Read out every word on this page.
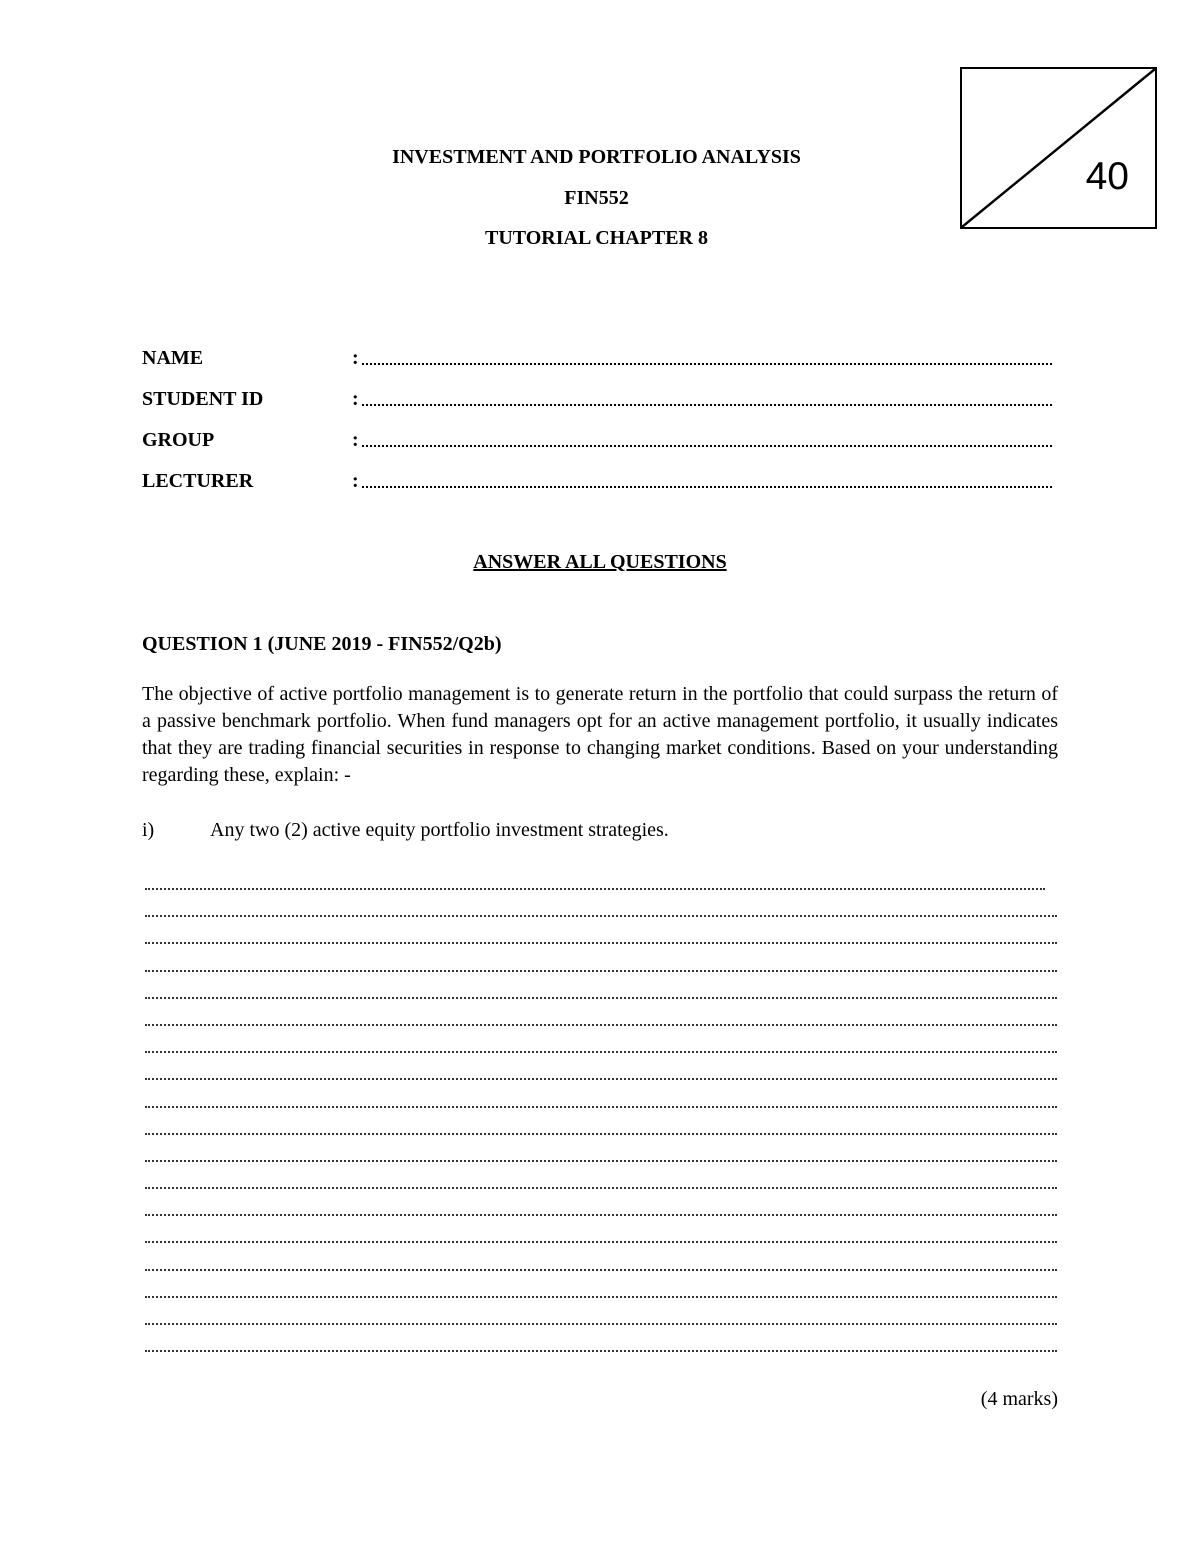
40
INVESTMENT AND PORTFOLIO ANALYSIS
FIN552
TUTORIAL CHAPTER 8
NAME	:
STUDENT ID	:
GROUP	:
LECTURER	:
ANSWER ALL QUESTIONS
QUESTION 1 (JUNE 2019 - FIN552/Q2b)
The objective of active portfolio management is to generate return in the portfolio that could surpass the return of a passive benchmark portfolio. When fund managers opt for an active management portfolio, it usually indicates that they are trading financial securities in response to changing market conditions. Based on your understanding regarding these, explain: -
i)	Any two (2) active equity portfolio investment strategies.
(4 marks)
